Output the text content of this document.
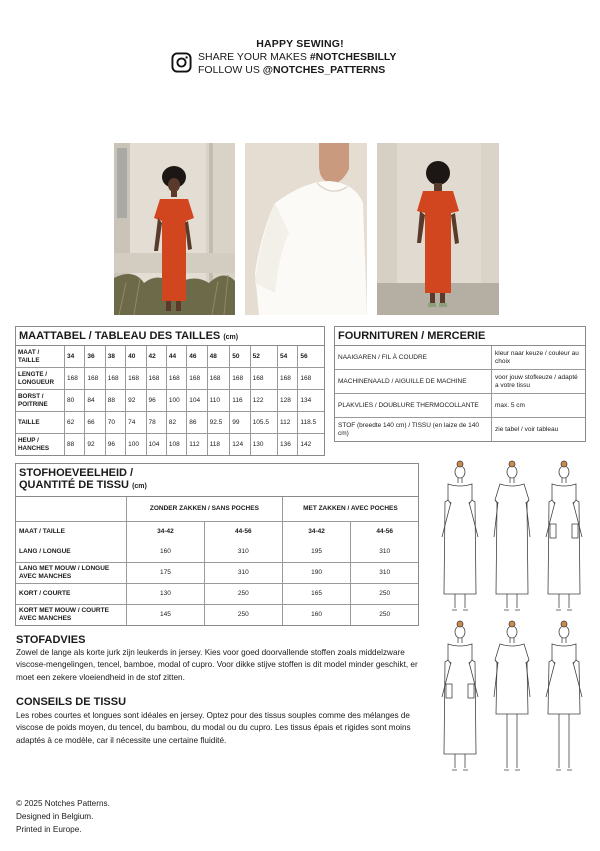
HAPPY SEWING!
SHARE YOUR MAKES #NOTCHESBILLY
FOLLOW US @NOTCHES_PATTERNS
MAATTABEL / TABLEAU DES TAILLES (cm)
MAAT / TAILLE	34	36	38	40	42	44	46	48	50	52	54	56
LENGTE / LONGUEUR	168	168	168	168	168	168	168	168	168	168	168	168
BORST / POITRINE	80	84	88	92	96	100	104	110	116	122	128	134
TAILLE	62	66	70	74	78	82	86	92.5	99	105.5	112	118.5
HEUP / HANCHES	88	92	96	100	104	108	112	118	124	130	136	142
FOURNITUREN / MERCERIE
NAAIGAREN / FIL À COUDRE	kleur naar keuze / couleur au choix
MACHINENAALD / AIGUILLE DE MACHINE	voor jouw stofkeuze / adapté a votre tissu
PLAKVLIES / DOUBLURE THERMOCOLLANTE	max. 5 cm
STOF (breedte 140 cm) / TISSU (en laize de 140 cm)	zie tabel / voir tableau
STOFHOEVEELHEID /
QUANTITÉ DE TISSU (cm)
	ZONDER ZAKKEN / SANS POCHES		MET ZAKKEN / AVEC POCHES	
MAAT / TAILLE	34-42	44-56	34-42	44-56
LANG / LONGUE	160	310	195	310
LANG MET MOUW / LONGUE AVEC MANCHES	175	310	190	310
KORT / COURTE	130	250	165	250
KORT MET MOUW / COURTE AVEC MANCHES	145	250	160	250
STOFADVIES
Zowel de lange als korte jurk zijn leukerds in jersey. Kies voor goed doorvallende stoffen zoals middelzware viscose-mengelingen, tencel, bamboe, modal of cupro. Voor dikke stijve stoffen is dit model minder geschikt, er moet een zekere vloeiendheid in de stof zitten.
CONSEILS DE TISSU
Les robes courtes et longues sont idéales en jersey. Optez pour des tissus souples comme des mélanges de viscose de poids moyen, du tencel, du bambou, du modal ou du cupro. Les tissus épais et rigides sont moins adaptés à ce modèle, car il nécessite une certaine fluidité.
© 2025 Notches Patterns.
Designed in Belgium.
Printed in Europe.
